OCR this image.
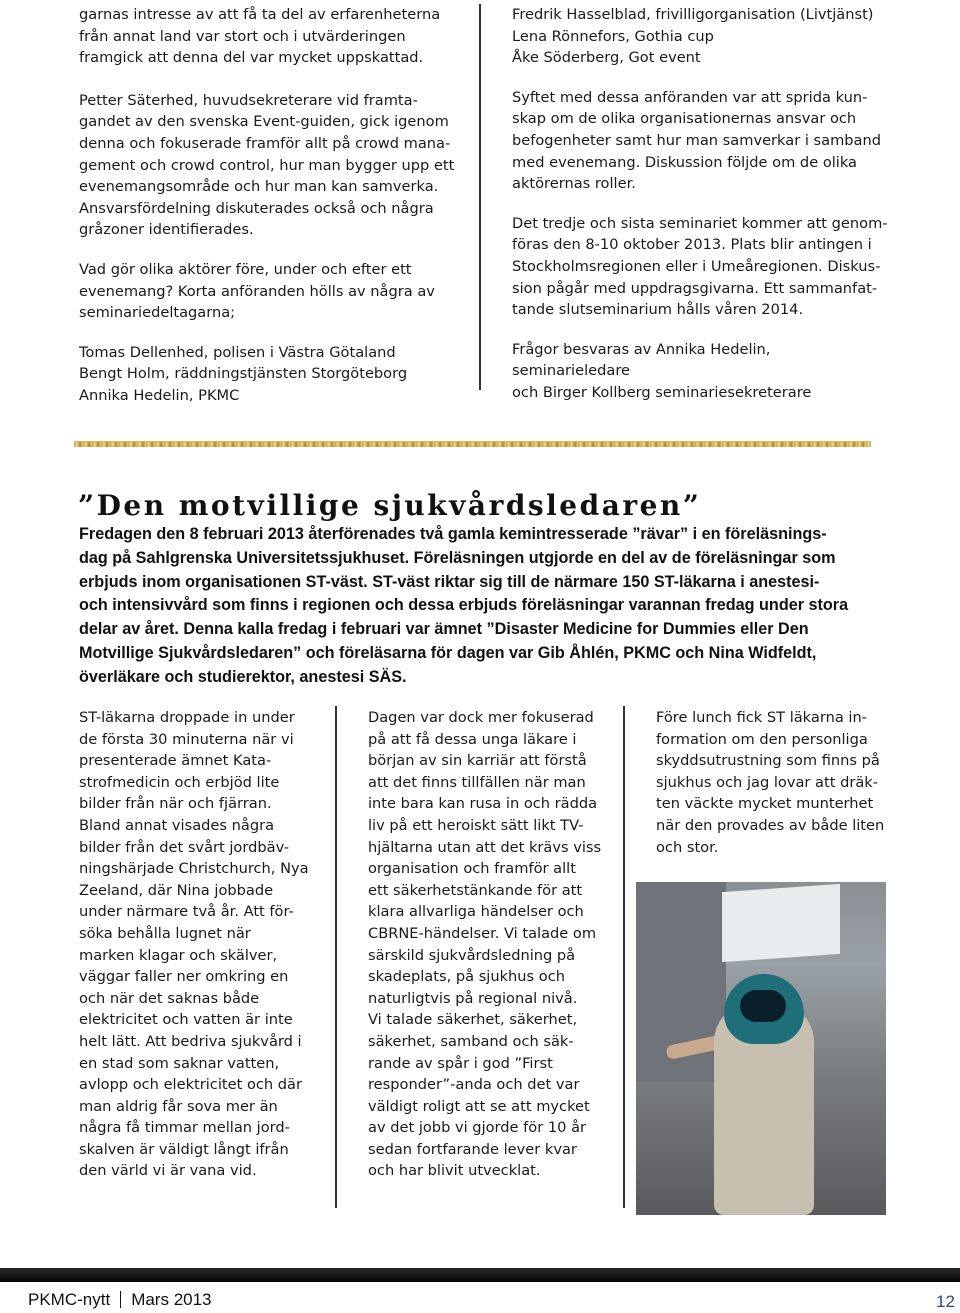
garnas intresse av att få ta del av erfarenheterna
från annat land var stort och i utvärderingen
framgick att denna del var mycket uppskattad.

Petter Säterhed, huvudsekreterare vid framta-
gandet av den svenska Event-guiden, gick igenom
denna och fokuserade framför allt på crowd mana-
gement och crowd control, hur man bygger upp ett
evenemangsområde och hur man kan samverka.
Ansvarsfördelning diskuterades också och några
gråzoner identifierades.

Vad gör olika aktörer före, under och efter ett
evenemang? Korta anföranden hölls av några av
seminariedeltagarna;

Tomas Dellenhed, polisen i Västra Götaland
Bengt Holm, räddningstjänsten Storgöteborg
Annika Hedelin, PKMC

Fredrik Hasselblad, frivilligorganisation (Livtjänst)
Lena Rönnefors, Gothia cup
Åke Söderberg, Got event

Syftet med dessa anföranden var att sprida kun-
skap om de olika organisationernas ansvar och
befogenheter samt hur man samverkar i samband
med evenemang. Diskussion följde om de olika
aktörernas roller.

Det tredje och sista seminariet kommer att genom-
föras den 8-10 oktober 2013. Plats blir antingen i
Stockholmsregionen eller i Umeåregionen. Diskus-
sion pågår med uppdragsgivarna. Ett sammanfat-
tande slutseminarium hålls våren 2014.

Frågor besvaras av Annika Hedelin, seminarieledare
och Birger Kollberg seminariesekreterare

”Den motvillige sjukvårdsledaren”
Fredagen den 8 februari 2013 återförenades två gamla kemintresserade ”rävar” i en föreläsnings-
dag på Sahlgrenska Universitetssjukhuset. Föreläsningen utgjorde en del av de föreläsningar som
erbjuds inom organisationen ST-väst. ST-väst riktar sig till de närmare 150 ST-läkarna i anestesi-
och intensivvård som finns i regionen och dessa erbjuds föreläsningar varannan fredag under stora
delar av året. Denna kalla fredag i februari var ämnet ”Disaster Medicine for Dummies eller Den
Motvillige Sjukvårdsledaren” och föreläsarna för dagen var Gib Åhlén, PKMC och Nina Widfeldt,
överläkare och studierektor, anestesi SÄS.

ST-läkarna droppade in under
de första 30 minuterna när vi
presenterade ämnet Kata-
strofmedicin och erbjöd lite
bilder från när och fjärran.
Bland annat visades några
bilder från det svårt jordbäv-
ningshärjade Christchurch, Nya
Zeeland, där Nina jobbade
under närmare två år. Att för-
söka behålla lugnet när
marken klagar och skälver,
väggar faller ner omkring en
och när det saknas både
elektricitet och vatten är inte
helt lätt. Att bedriva sjukvård i
en stad som saknar vatten,
avlopp och elektricitet och där
man aldrig får sova mer än
några få timmar mellan jord-
skalven är väldigt långt ifrån
den värld vi är vana vid.

Dagen var dock mer fokuserad
på att få dessa unga läkare i
början av sin karriär att förstå
att det finns tillfällen när man
inte bara kan rusa in och rädda
liv på ett heroiskt sätt likt TV-
hjältarna utan att det krävs viss
organisation och framför allt
ett säkerhetstänkande för att
klara allvarliga händelser och
CBRNE-händelser. Vi talade om
särskild sjukvårdsledning på
skadeplats, på sjukhus och
naturligtvis på regional nivå.
Vi talade säkerhet, säkerhet,
säkerhet, samband och säk-
rande av spår i god ”First
responder”-anda och det var
väldigt roligt att se att mycket
av det jobb vi gjorde för 10 år
sedan fortfarande lever kvar
och har blivit utvecklat.

Före lunch fick ST läkarna in-
formation om den personliga
skyddsutrustning som finns på
sjukhus och jag lovar att dräk-
ten väckte mycket munterhet
när den provades av både liten
och stor.

PKMC-nytt Mars 2013	12
